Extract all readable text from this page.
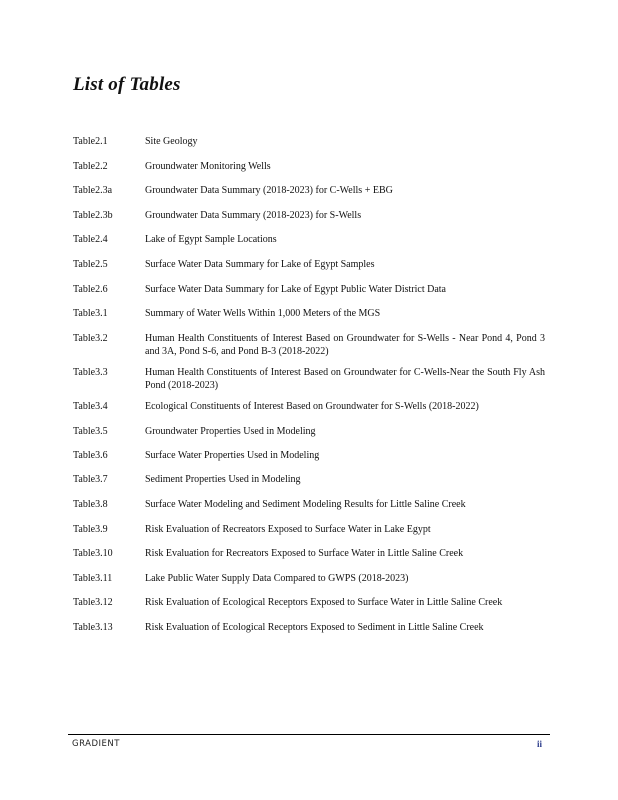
List of Tables
Table2.1	Site Geology
Table2.2	Groundwater Monitoring Wells
Table2.3a	Groundwater Data Summary (2018-2023) for C-Wells + EBG
Table2.3b	Groundwater Data Summary (2018-2023) for S-Wells
Table2.4	Lake of Egypt Sample Locations
Table2.5	Surface Water Data Summary for Lake of Egypt Samples
Table2.6	Surface Water Data Summary for Lake of Egypt Public Water District Data
Table3.1	Summary of Water Wells Within 1,000 Meters of the MGS
Table3.2	Human Health Constituents of Interest Based on Groundwater for S-Wells - Near Pond 4, Pond 3 and 3A, Pond S-6, and Pond B-3 (2018-2022)
Table3.3	Human Health Constituents of Interest Based on Groundwater for C-Wells-Near the South Fly Ash Pond (2018-2023)
Table3.4	Ecological Constituents of Interest Based on Groundwater for S-Wells (2018-2022)
Table3.5	Groundwater Properties Used in Modeling
Table3.6	Surface Water Properties Used in Modeling
Table3.7	Sediment Properties Used in Modeling
Table3.8	Surface Water Modeling and Sediment Modeling Results for Little Saline Creek
Table3.9	Risk Evaluation of Recreators Exposed to Surface Water in Lake Egypt
Table3.10	Risk Evaluation for Recreators Exposed to Surface Water in Little Saline Creek
Table3.11	Lake Public Water Supply Data Compared to GWPS (2018-2023)
Table3.12	Risk Evaluation of Ecological Receptors Exposed to Surface Water in Little Saline Creek
Table3.13	Risk Evaluation of Ecological Receptors Exposed to Sediment in Little Saline Creek
GRADIENT	ii
